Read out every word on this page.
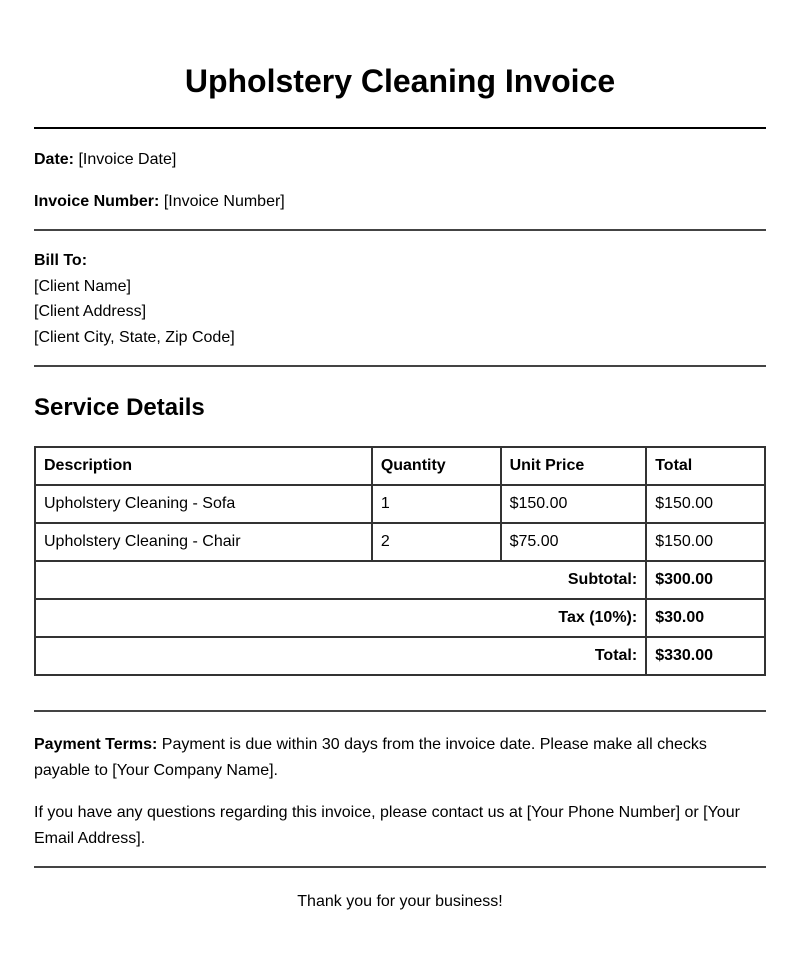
Upholstery Cleaning Invoice
Date: [Invoice Date]
Invoice Number: [Invoice Number]
Bill To:
[Client Name]
[Client Address]
[Client City, State, Zip Code]
Service Details
Description	Quantity	Unit Price	Total
Upholstery Cleaning - Sofa	1	$150.00	$150.00
Upholstery Cleaning - Chair	2	$75.00	$150.00
Subtotal:			$300.00
Tax (10%):			$30.00
Total:			$330.00
Payment Terms: Payment is due within 30 days from the invoice date. Please make all checks payable to [Your Company Name].
If you have any questions regarding this invoice, please contact us at [Your Phone Number] or [Your Email Address].
Thank you for your business!
